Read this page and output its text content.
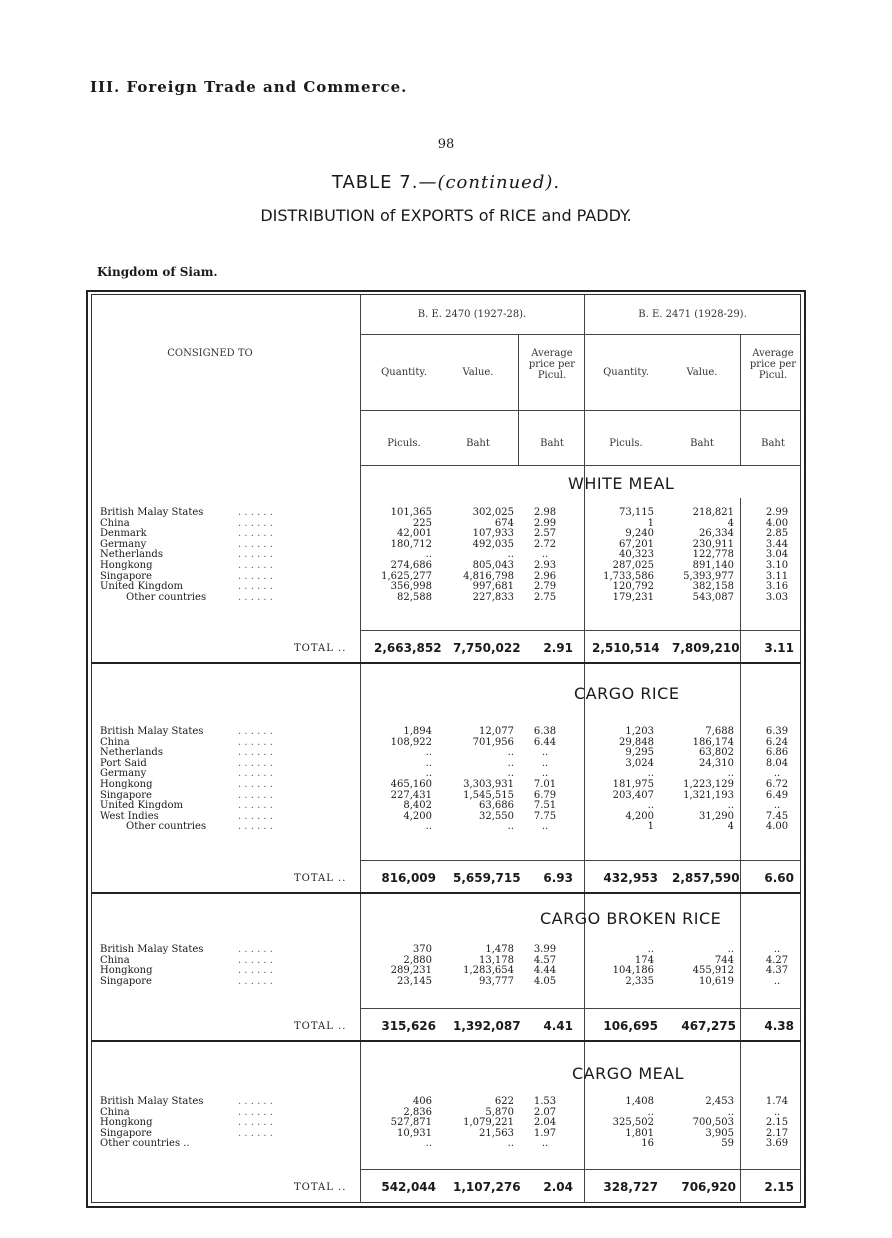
III. Foreign Trade and Commerce.
98
TABLE 7.—(continued).
DISTRIBUTION of EXPORTS of RICE and PADDY.
Kingdom of Siam.
CONSIGNED TO
B. E. 2470 (1927-28).	B. E. 2471 (1928-29).
Quantity.	Value.
Average price per Picul.	Quantity.	Value.
Average price per Picul.
Piculs.	Baht	Baht	Piculs.	Baht	Baht
WHITE MEAL
British Malay States	. . . . . .	101,365	302,025	2.98	73,115	218,821	2.99
China	. . . . . .	225	674	2.99	1	4	4.00
Denmark	. . . . . .	42,001	107,933	2.57	9,240	26,334	2.85
Germany	. . . . . .	180,712	492,035	2.72	67,201	230,911	3.44
Netherlands	. . . . . .	..	..	..	40,323	122,778	3.04
Hongkong	. . . . . .	274,686	805,043	2.93	287,025	891,140	3.10
Singapore	. . . . . .	1,625,277	4,816,798	2.96	1,733,586	5,393,977	3.11
United Kingdom	. . . . . .	356,998	997,681	2.79	120,792	382,158	3.16
Other countries	. . . . . .	82,588	227,833	2.75	179,231	543,087	3.03
TOTAL .. 2,663,852 7,750,022	2.91 2,510,514 7,809,210	3.11
CARGO RICE
British Malay States	. . . . . .	1,894	12,077	6.38	1,203	7,688	6.39
China	. . . . . .	108,922	701,956	6.44	29,848	186,174	6.24
Netherlands	. . . . . .	..	..	..	9,295	63,802	6.86
Port Said	. . . . . .	..	..	..	3,024	24,310	8.04
Germany	. . . . . .	..	..	..	..	..	..
Hongkong	. . . . . .	465,160	3,303,931	7.01	181,975	1,223,129	6.72
Singapore	. . . . . .	227,431	1,545,515	6.79	203,407	1,321,193	6.49
United Kingdom	. . . . . .	8,402	63,686	7.51	..	..	..
West Indies	. . . . . .	4,200	32,550	7.75	4,200	31,290	7.45
Other countries	. . . . . .	..	..	..	1	4	4.00
TOTAL ..	816,009 5,659,715	6.93	432,953 2,857,590	6.60
CARGO BROKEN RICE
British Malay States	. . . . . .	370	1,478	3.99	..	..	..
China	. . . . . .	2,880	13,178	4.57	174	744	4.27
Hongkong	. . . . . .	289,231	1,283,654	4.44	104,186	455,912	4.37
Singapore	. . . . . .	23,145	93,777	4.05	2,335	10,619	..
TOTAL ..	315,626 1,392,087	4.41	106,695	467,275	4.38
CARGO MEAL
British Malay States	. . . . . .	406	622	1.53	1,408	2,453	1.74
China	. . . . . .	2,836	5,870	2.07	..	..	..
Hongkong	. . . . . .	527,871	1,079,221	2.04	325,502	700,503	2.15
Singapore	. . . . . .	10,931	21,563	1.97	1,801	3,905	2.17
Other countries ..	..	..	..	16	59	3.69
TOTAL ..	542,044 1,107,276	2.04	328,727	706,920	2.15
